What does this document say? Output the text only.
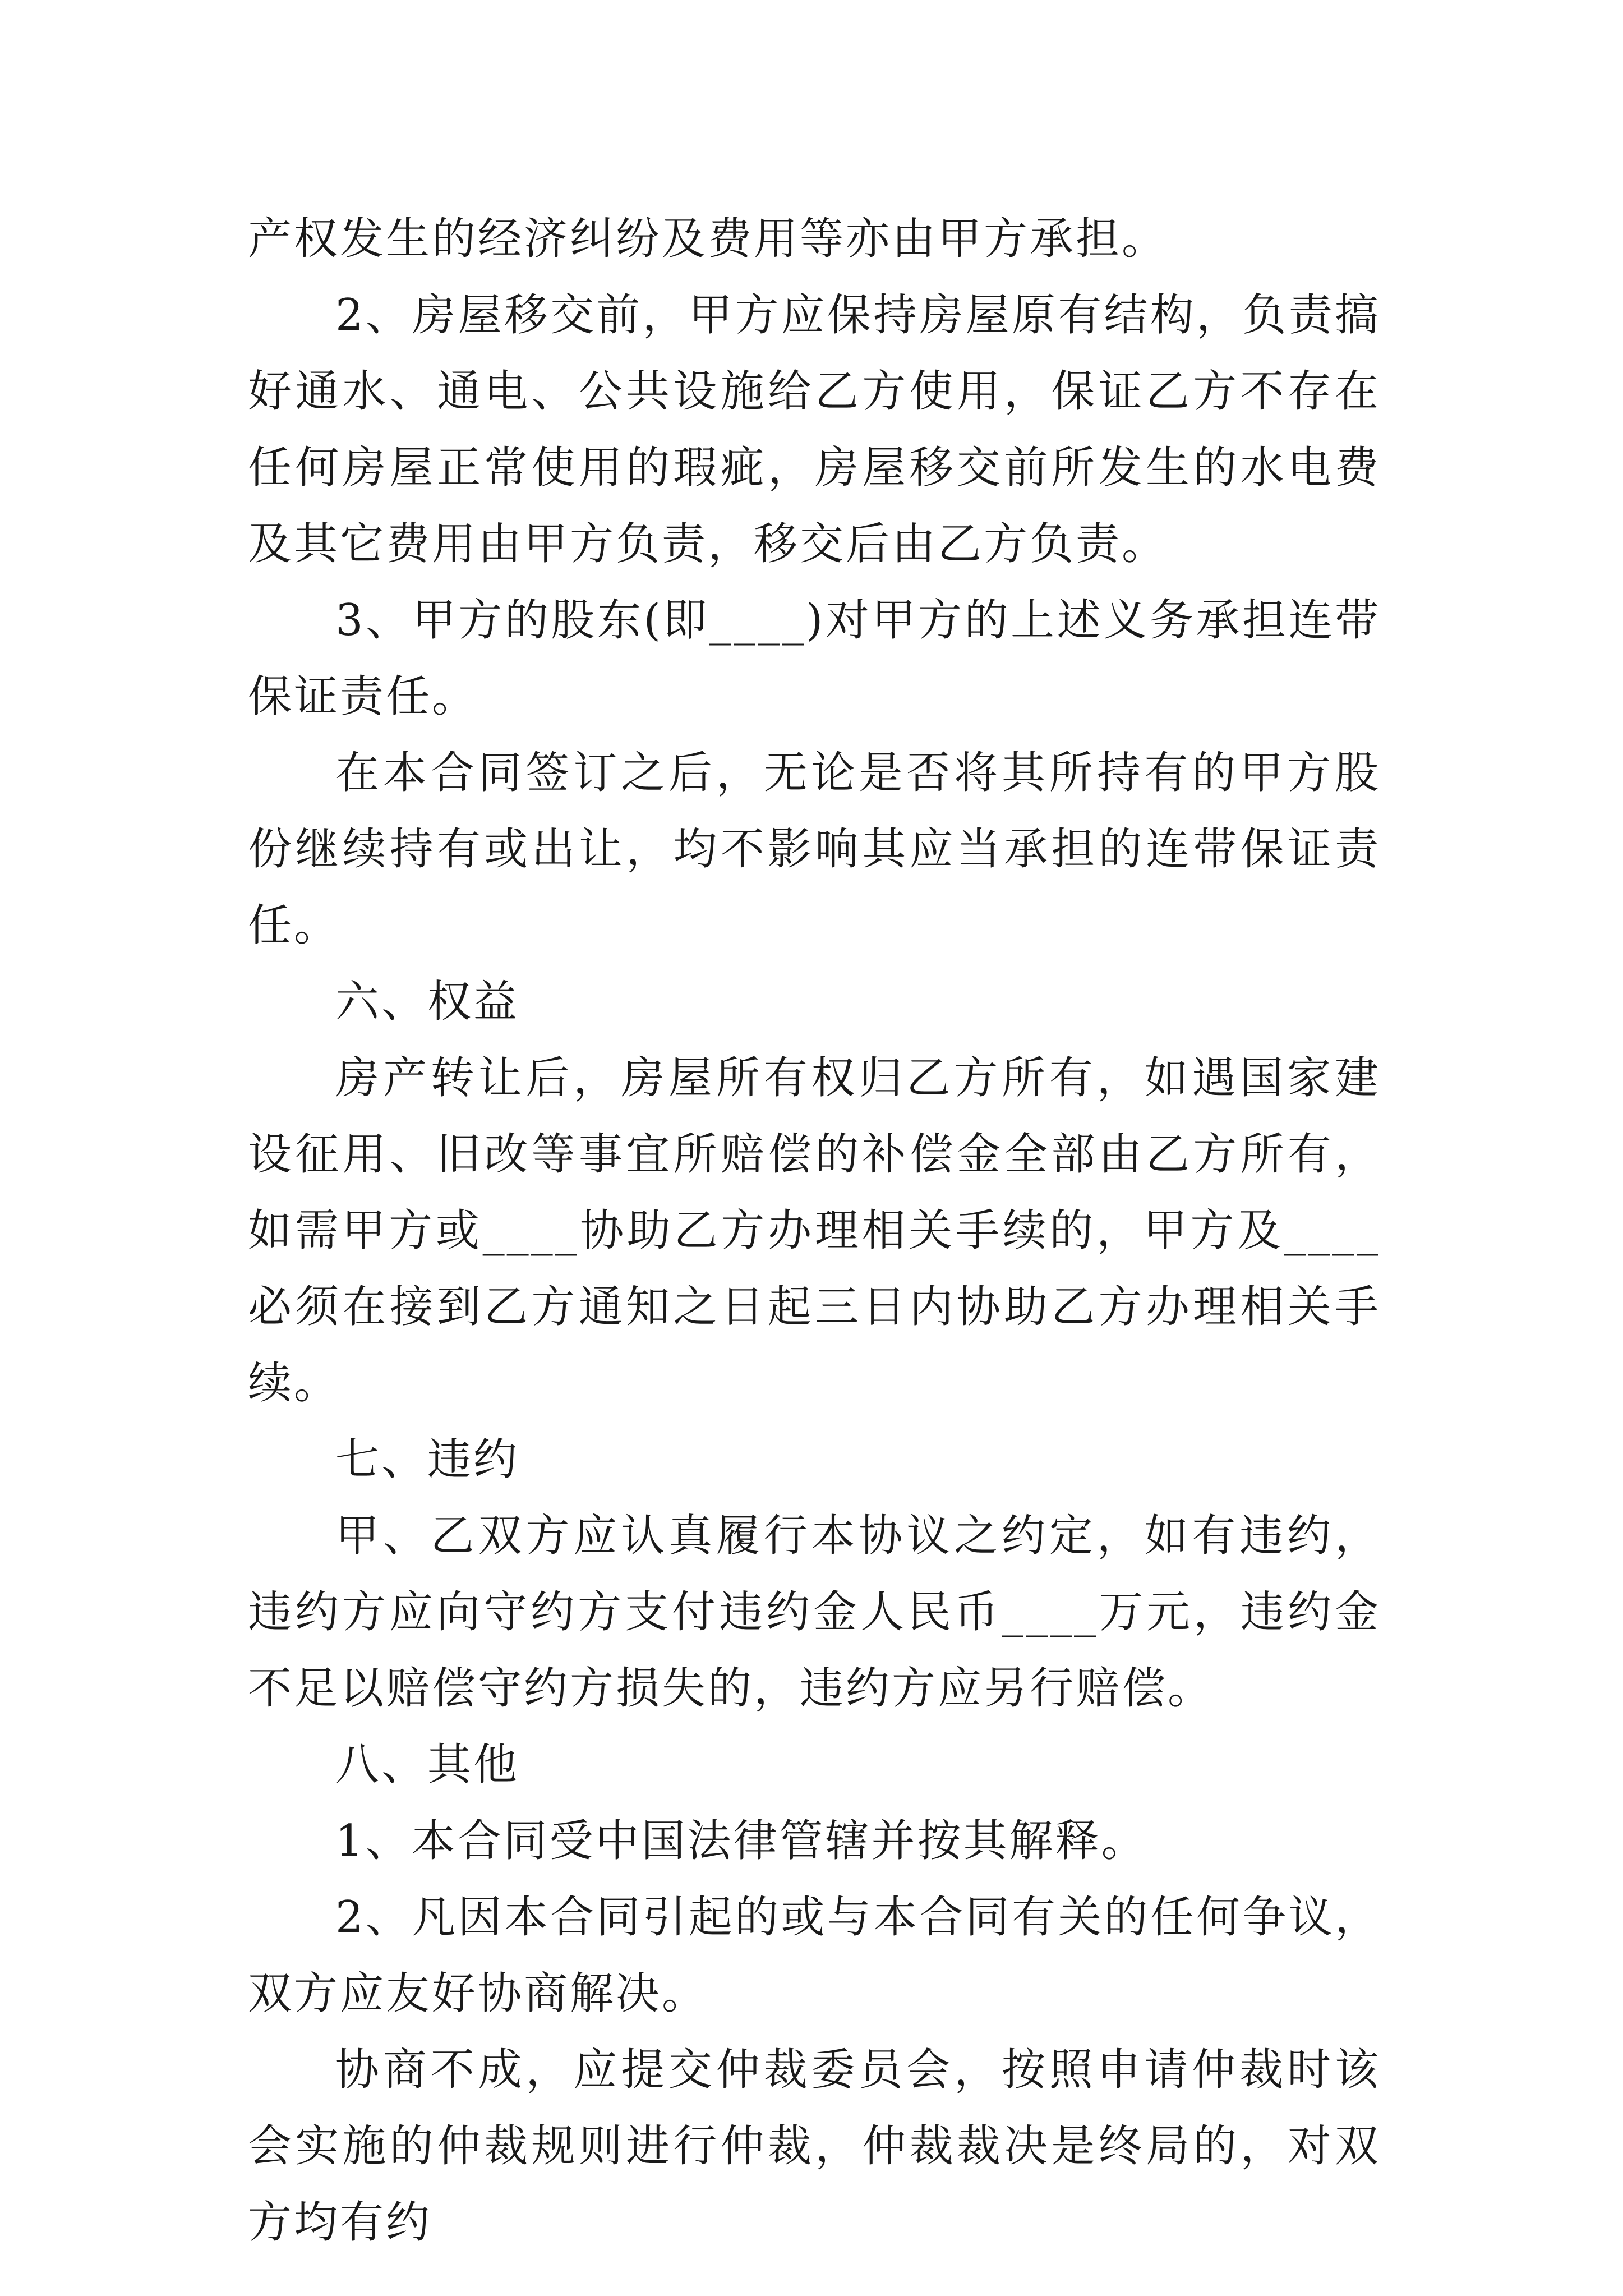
产权发生的经济纠纷及费用等亦由甲方承担。

2、房屋移交前，甲方应保持房屋原有结构，负责搞好通水、通电、公共设施给乙方使用，保证乙方不存在任何房屋正常使用的瑕疵，房屋移交前所发生的水电费及其它费用由甲方负责，移交后由乙方负责。

3、甲方的股东(即____)对甲方的上述义务承担连带保证责任。

在本合同签订之后，无论是否将其所持有的甲方股份继续持有或出让，均不影响其应当承担的连带保证责任。

六、权益

房产转让后，房屋所有权归乙方所有，如遇国家建设征用、旧改等事宜所赔偿的补偿金全部由乙方所有，如需甲方或____协助乙方办理相关手续的，甲方及____必须在接到乙方通知之日起三日内协助乙方办理相关手续。

七、违约

甲、乙双方应认真履行本协议之约定，如有违约，违约方应向守约方支付违约金人民币____万元，违约金不足以赔偿守约方损失的，违约方应另行赔偿。

八、其他

1、本合同受中国法律管辖并按其解释。

2、凡因本合同引起的或与本合同有关的任何争议，双方应友好协商解决。

协商不成，应提交仲裁委员会，按照申请仲裁时该会实施的仲裁规则进行仲裁，仲裁裁决是终局的，对双方均有约
